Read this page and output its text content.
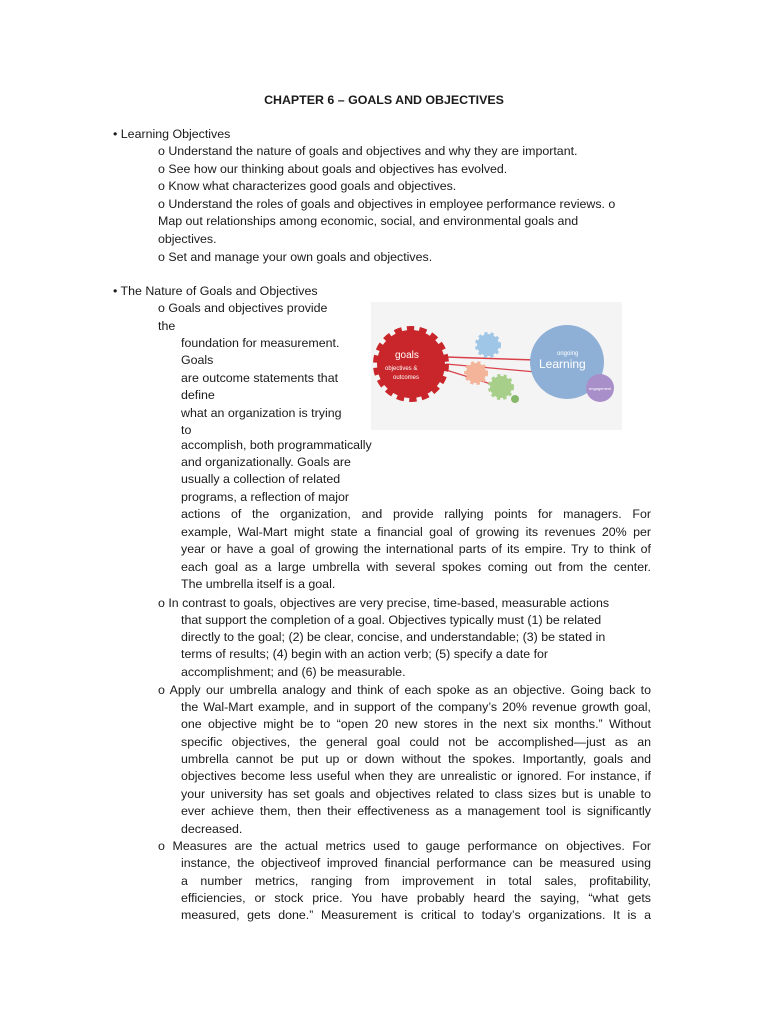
CHAPTER 6 – GOALS AND OBJECTIVES
• Learning Objectives
o Understand the nature of goals and objectives and why they are important.
o See how our thinking about goals and objectives has evolved.
o Know what characterizes good goals and objectives.
o Understand the roles of goals and objectives in employee performance reviews. o
Map out relationships among economic, social, and environmental goals and
objectives.
o Set and manage your own goals and objectives.
• The Nature of Goals and Objectives
o Goals and objectives provide
the
foundation for measurement.
Goals
are outcome statements that
define
what an organization is trying
to
accomplish, both programmatically
and organizationally. Goals are
usually a collection of related
programs, a reflection of major
actions of the organization, and provide rallying points for managers. For
example, Wal-Mart might state a financial goal of growing its revenues 20% per
year or have a goal of growing the international parts of its empire. Try to think of
each goal as a large umbrella with several spokes coming out from the center.
The umbrella itself is a goal.
o In contrast to goals, objectives are very precise, time-based, measurable actions
that support the completion of a goal. Objectives typically must (1) be related
directly to the goal; (2) be clear, concise, and understandable; (3) be stated in
terms of results; (4) begin with an action verb; (5) specify a date for
accomplishment; and (6) be measurable.
o Apply our umbrella analogy and think of each spoke as an objective. Going back to
the Wal-Mart example, and in support of the company’s 20% revenue growth goal,
one objective might be to “open 20 new stores in the next six months.” Without
specific objectives, the general goal could not be accomplished—just as an
umbrella cannot be put up or down without the spokes. Importantly, goals and
objectives become less useful when they are unrealistic or ignored. For instance, if
your university has set goals and objectives related to class sizes but is unable to
ever achieve them, then their effectiveness as a management tool is significantly
decreased.
o Measures are the actual metrics used to gauge performance on objectives. For
instance, the objectiveof improved financial performance can be measured using
a number metrics, ranging from improvement in total sales, profitability,
efficiencies, or stock price. You have probably heard the saying, “what gets
measured, gets done.” Measurement is critical to today’s organizations. It is a
goals
objectives &
outcomes
ongoing
Learning
engagement
